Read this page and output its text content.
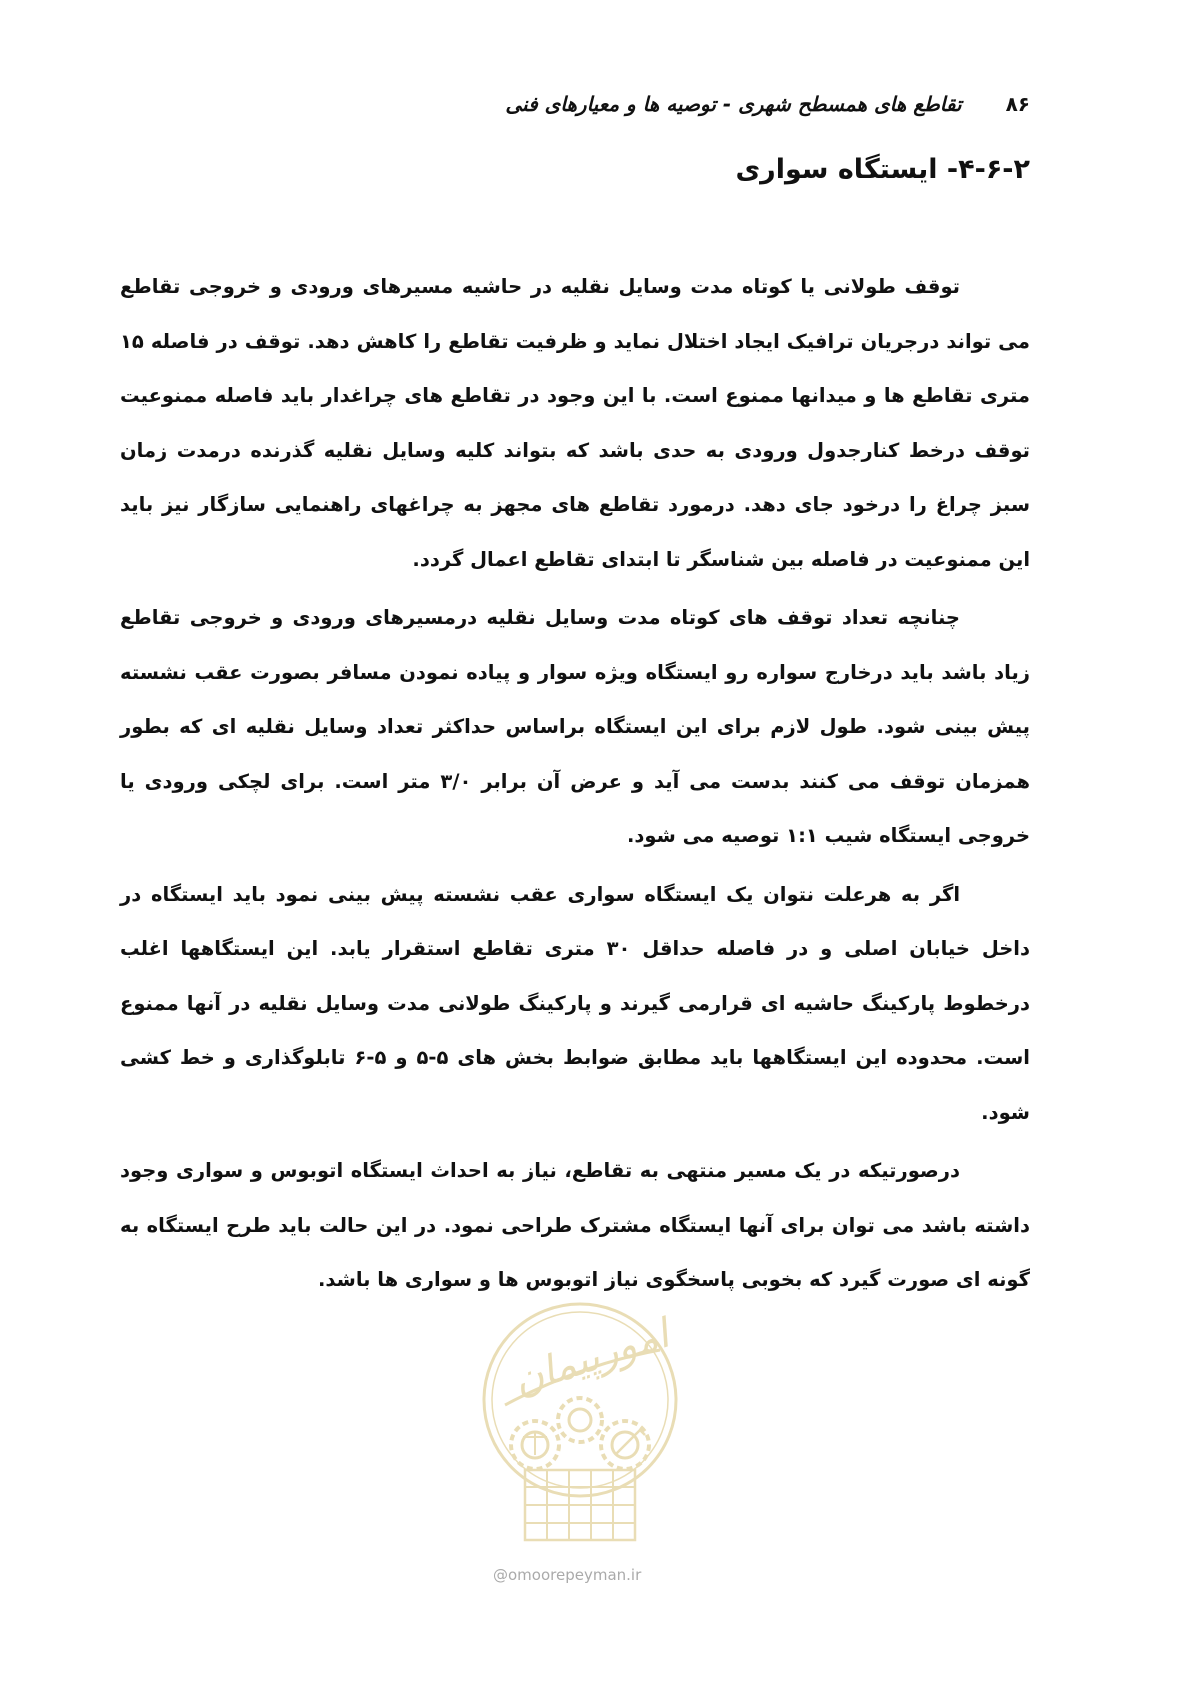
۸۶
تقاطع های همسطح شهری - توصیه ها و معیارهای فنی
۴-۶-۲- ایستگاه سواری

توقف طولانی یا کوتاه مدت وسایل نقلیه در حاشیه مسیرهای ورودی و خروجی تقاطع می تواند درجریان ترافیک ایجاد اختلال نماید و ظرفیت تقاطع را کاهش دهد. توقف در فاصله ۱۵ متری تقاطع ها و میدانها ممنوع است. با این وجود در تقاطع های چراغدار باید فاصله ممنوعیت توقف درخط کنارجدول ورودی به حدی باشد که بتواند کلیه وسایل نقلیه گذرنده درمدت زمان سبز چراغ را درخود جای دهد. درمورد تقاطع های مجهز به چراغهای راهنمایی سازگار نیز باید این ممنوعیت در فاصله بین شناسگر تا ابتدای تقاطع اعمال گردد.

چنانچه تعداد توقف های کوتاه مدت وسایل نقلیه درمسیرهای ورودی و خروجی تقاطع زیاد باشد باید درخارج سواره رو ایستگاه ویژه سوار و پیاده نمودن مسافر بصورت عقب نشسته پیش بینی شود. طول لازم برای این ایستگاه براساس حداکثر تعداد وسایل نقلیه ای که بطور همزمان توقف می کنند بدست می آید و عرض آن برابر ۳/۰ متر است. برای لچکی ورودی یا خروجی ایستگاه شیب ۱:۱ توصیه می شود.

اگر به هرعلت نتوان یک ایستگاه سواری عقب نشسته پیش بینی نمود باید ایستگاه در داخل خیابان اصلی و در فاصله حداقل ۳۰ متری تقاطع استقرار یابد. این ایستگاهها اغلب درخطوط پارکینگ حاشیه ای قرارمی گیرند و پارکینگ طولانی مدت وسایل نقلیه در آنها ممنوع است. محدوده این ایستگاهها باید مطابق ضوابط بخش های ۵-۵ و ۵-۶ تابلوگذاری و خط کشی شود.

درصورتیکه در یک مسیر منتهی به تقاطع، نیاز به احداث ایستگاه اتوبوس و سواری وجود داشته باشد می توان برای آنها ایستگاه مشترک طراحی نمود. در این حالت باید طرح ایستگاه به گونه ای صورت گیرد که بخوبی پاسخگوی نیاز اتوبوس ها و سواری ها باشد.

امورپیمان
@omoorepeyman.ir
